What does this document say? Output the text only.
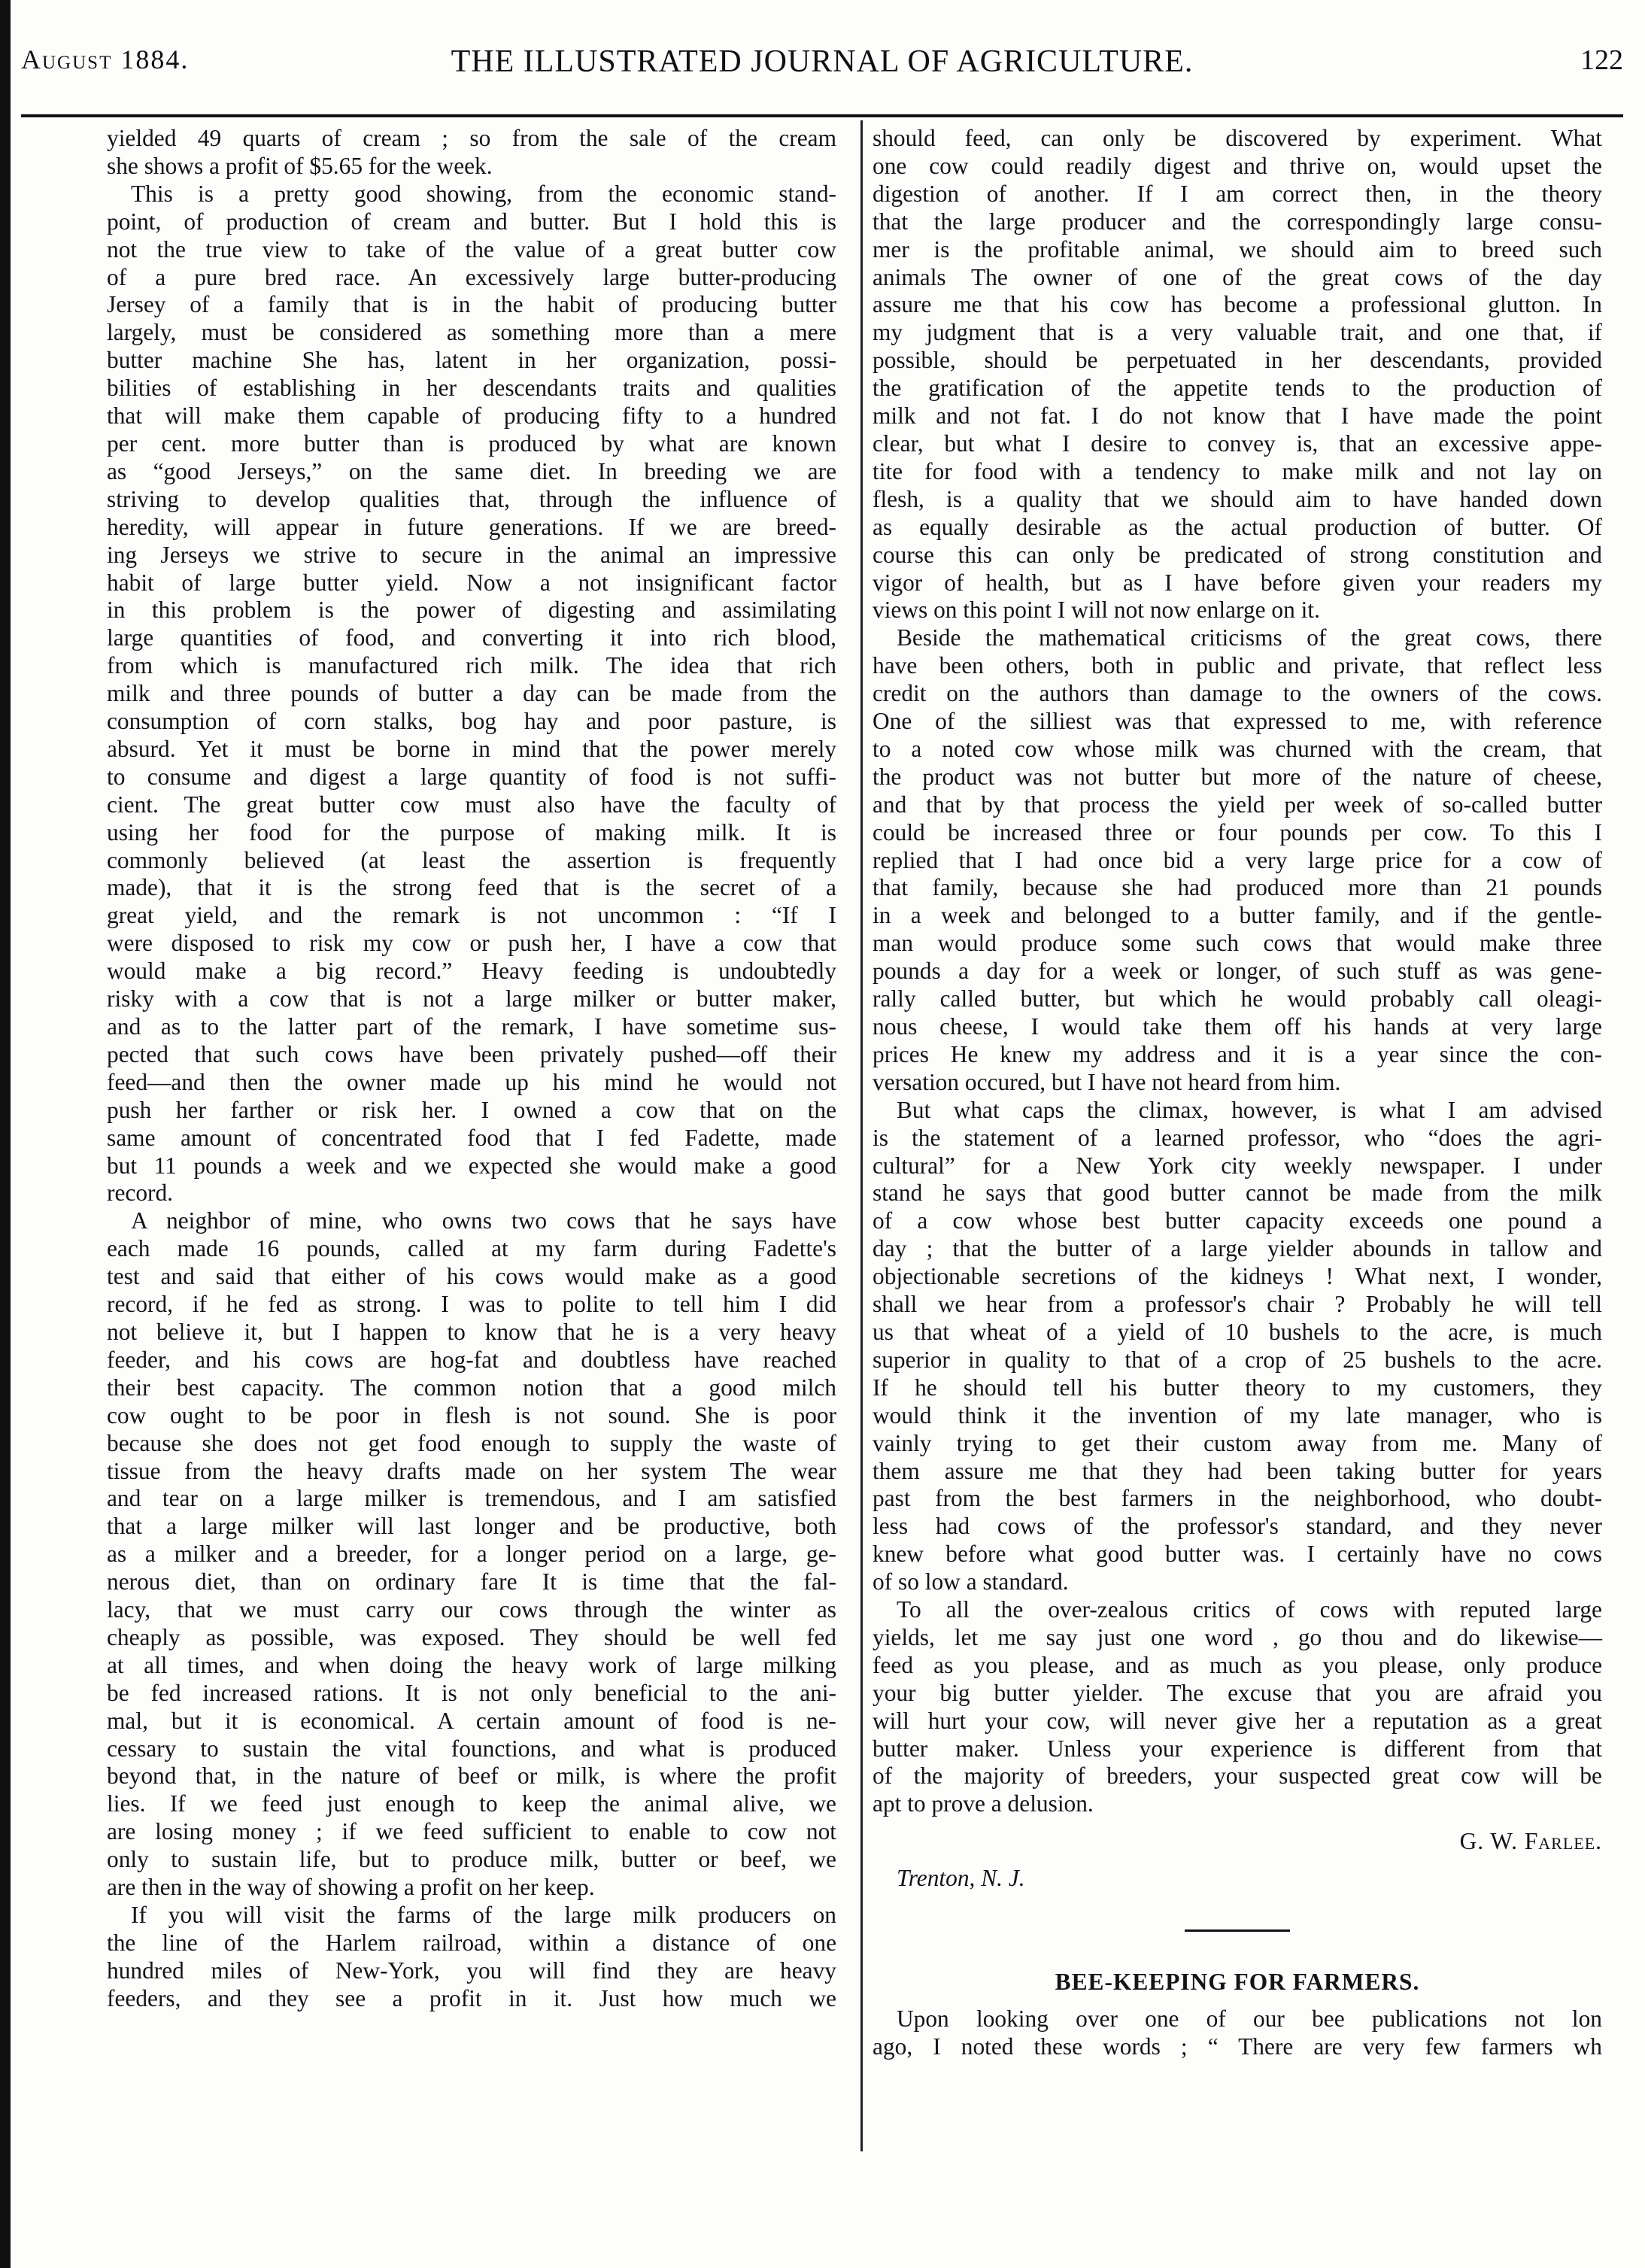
August 1884.	THE ILLUSTRATED JOURNAL OF AGRICULTURE.	122
yielded 49 quarts of cream ; so from the sale of the cream
she shows a profit of $5.65 for the week.
This is a pretty good showing, from the economic stand-
point, of production of cream and butter. But I hold this is
not the true view to take of the value of a great butter cow
of a pure bred race. An excessively large butter-producing
Jersey of a family that is in the habit of producing butter
largely, must be considered as something more than a mere
butter machine She has, latent in her organization, possi-
bilities of establishing in her descendants traits and qualities
that will make them capable of producing fifty to a hundred
per cent. more butter than is produced by what are known
as “good Jerseys,” on the same diet. In breeding we are
striving to develop qualities that, through the influence of
heredity, will appear in future generations. If we are breed-
ing Jerseys we strive to secure in the animal an impressive
habit of large butter yield. Now a not insignificant factor
in this problem is the power of digesting and assimilating
large quantities of food, and converting it into rich blood,
from which is manufactured rich milk. The idea that rich
milk and three pounds of butter a day can be made from the
consumption of corn stalks, bog hay and poor pasture, is
absurd. Yet it must be borne in mind that the power merely
to consume and digest a large quantity of food is not suffi-
cient. The great butter cow must also have the faculty of
using her food for the purpose of making milk. It is
commonly believed (at least the assertion is frequently
made), that it is the strong feed that is the secret of a
great yield, and the remark is not uncommon : “If I
were disposed to risk my cow or push her, I have a cow that
would make a big record.” Heavy feeding is undoubtedly
risky with a cow that is not a large milker or butter maker,
and as to the latter part of the remark, I have sometime sus-
pected that such cows have been privately pushed—off their
feed—and then the owner made up his mind he would not
push her farther or risk her. I owned a cow that on the
same amount of concentrated food that I fed Fadette, made
but 11 pounds a week and we expected she would make a good
record.
A neighbor of mine, who owns two cows that he says have
each made 16 pounds, called at my farm during Fadette's
test and said that either of his cows would make as a good
record, if he fed as strong. I was to polite to tell him I did
not believe it, but I happen to know that he is a very heavy
feeder, and his cows are hog-fat and doubtless have reached
their best capacity. The common notion that a good milch
cow ought to be poor in flesh is not sound. She is poor
because she does not get food enough to supply the waste of
tissue from the heavy drafts made on her system The wear
and tear on a large milker is tremendous, and I am satisfied
that a large milker will last longer and be productive, both
as a milker and a breeder, for a longer period on a large, ge-
nerous diet, than on ordinary fare It is time that the fal-
lacy, that we must carry our cows through the winter as
cheaply as possible, was exposed. They should be well fed
at all times, and when doing the heavy work of large milking
be fed increased rations. It is not only beneficial to the ani-
mal, but it is economical. A certain amount of food is ne-
cessary to sustain the vital founctions, and what is produced
beyond that, in the nature of beef or milk, is where the profit
lies. If we feed just enough to keep the animal alive, we
are losing money ; if we feed sufficient to enable to cow not
only to sustain life, but to produce milk, butter or beef, we
are then in the way of showing a profit on her keep.
If you will visit the farms of the large milk producers on
the line of the Harlem railroad, within a distance of one
hundred miles of New-York, you will find they are heavy
feeders, and they see a profit in it. Just how much we
should feed, can only be discovered by experiment. What
one cow could readily digest and thrive on, would upset the
digestion of another. If I am correct then, in the theory
that the large producer and the correspondingly large consu-
mer is the profitable animal, we should aim to breed such
animals The owner of one of the great cows of the day
assure me that his cow has become a professional glutton. In
my judgment that is a very valuable trait, and one that, if
possible, should be perpetuated in her descendants, provided
the gratification of the appetite tends to the production of
milk and not fat. I do not know that I have made the point
clear, but what I desire to convey is, that an excessive appe-
tite for food with a tendency to make milk and not lay on
flesh, is a quality that we should aim to have handed down
as equally desirable as the actual production of butter. Of
course this can only be predicated of strong constitution and
vigor of health, but as I have before given your readers my
views on this point I will not now enlarge on it.
Beside the mathematical criticisms of the great cows, there
have been others, both in public and private, that reflect less
credit on the authors than damage to the owners of the cows.
One of the silliest was that expressed to me, with reference
to a noted cow whose milk was churned with the cream, that
the product was not butter but more of the nature of cheese,
and that by that process the yield per week of so-called butter
could be increased three or four pounds per cow. To this I
replied that I had once bid a very large price for a cow of
that family, because she had produced more than 21 pounds
in a week and belonged to a butter family, and if the gentle-
man would produce some such cows that would make three
pounds a day for a week or longer, of such stuff as was gene-
rally called butter, but which he would probably call oleagi-
nous cheese, I would take them off his hands at very large
prices He knew my address and it is a year since the con-
versation occured, but I have not heard from him.
But what caps the climax, however, is what I am advised
is the statement of a learned professor, who “does the agri-
cultural” for a New York city weekly newspaper. I under
stand he says that good butter cannot be made from the milk
of a cow whose best butter capacity exceeds one pound a
day ; that the butter of a large yielder abounds in tallow and
objectionable secretions of the kidneys ! What next, I wonder,
shall we hear from a professor's chair ? Probably he will tell
us that wheat of a yield of 10 bushels to the acre, is much
superior in quality to that of a crop of 25 bushels to the acre.
If he should tell his butter theory to my customers, they
would think it the invention of my late manager, who is
vainly trying to get their custom away from me. Many of
them assure me that they had been taking butter for years
past from the best farmers in the neighborhood, who doubt-
less had cows of the professor's standard, and they never
knew before what good butter was. I certainly have no cows
of so low a standard.
To all the over-zealous critics of cows with reputed large
yields, let me say just one word , go thou and do likewise—
feed as you please, and as much as you please, only produce
your big butter yielder. The excuse that you are afraid you
will hurt your cow, will never give her a reputation as a great
butter maker. Unless your experience is different from that
of the majority of breeders, your suspected great cow will be
apt to prove a delusion.
G. W. Farlee.
Trenton, N. J.
BEE-KEEPING FOR FARMERS.
Upon looking over one of our bee publications not lon
ago, I noted these words ; “ There are very few farmers wh
